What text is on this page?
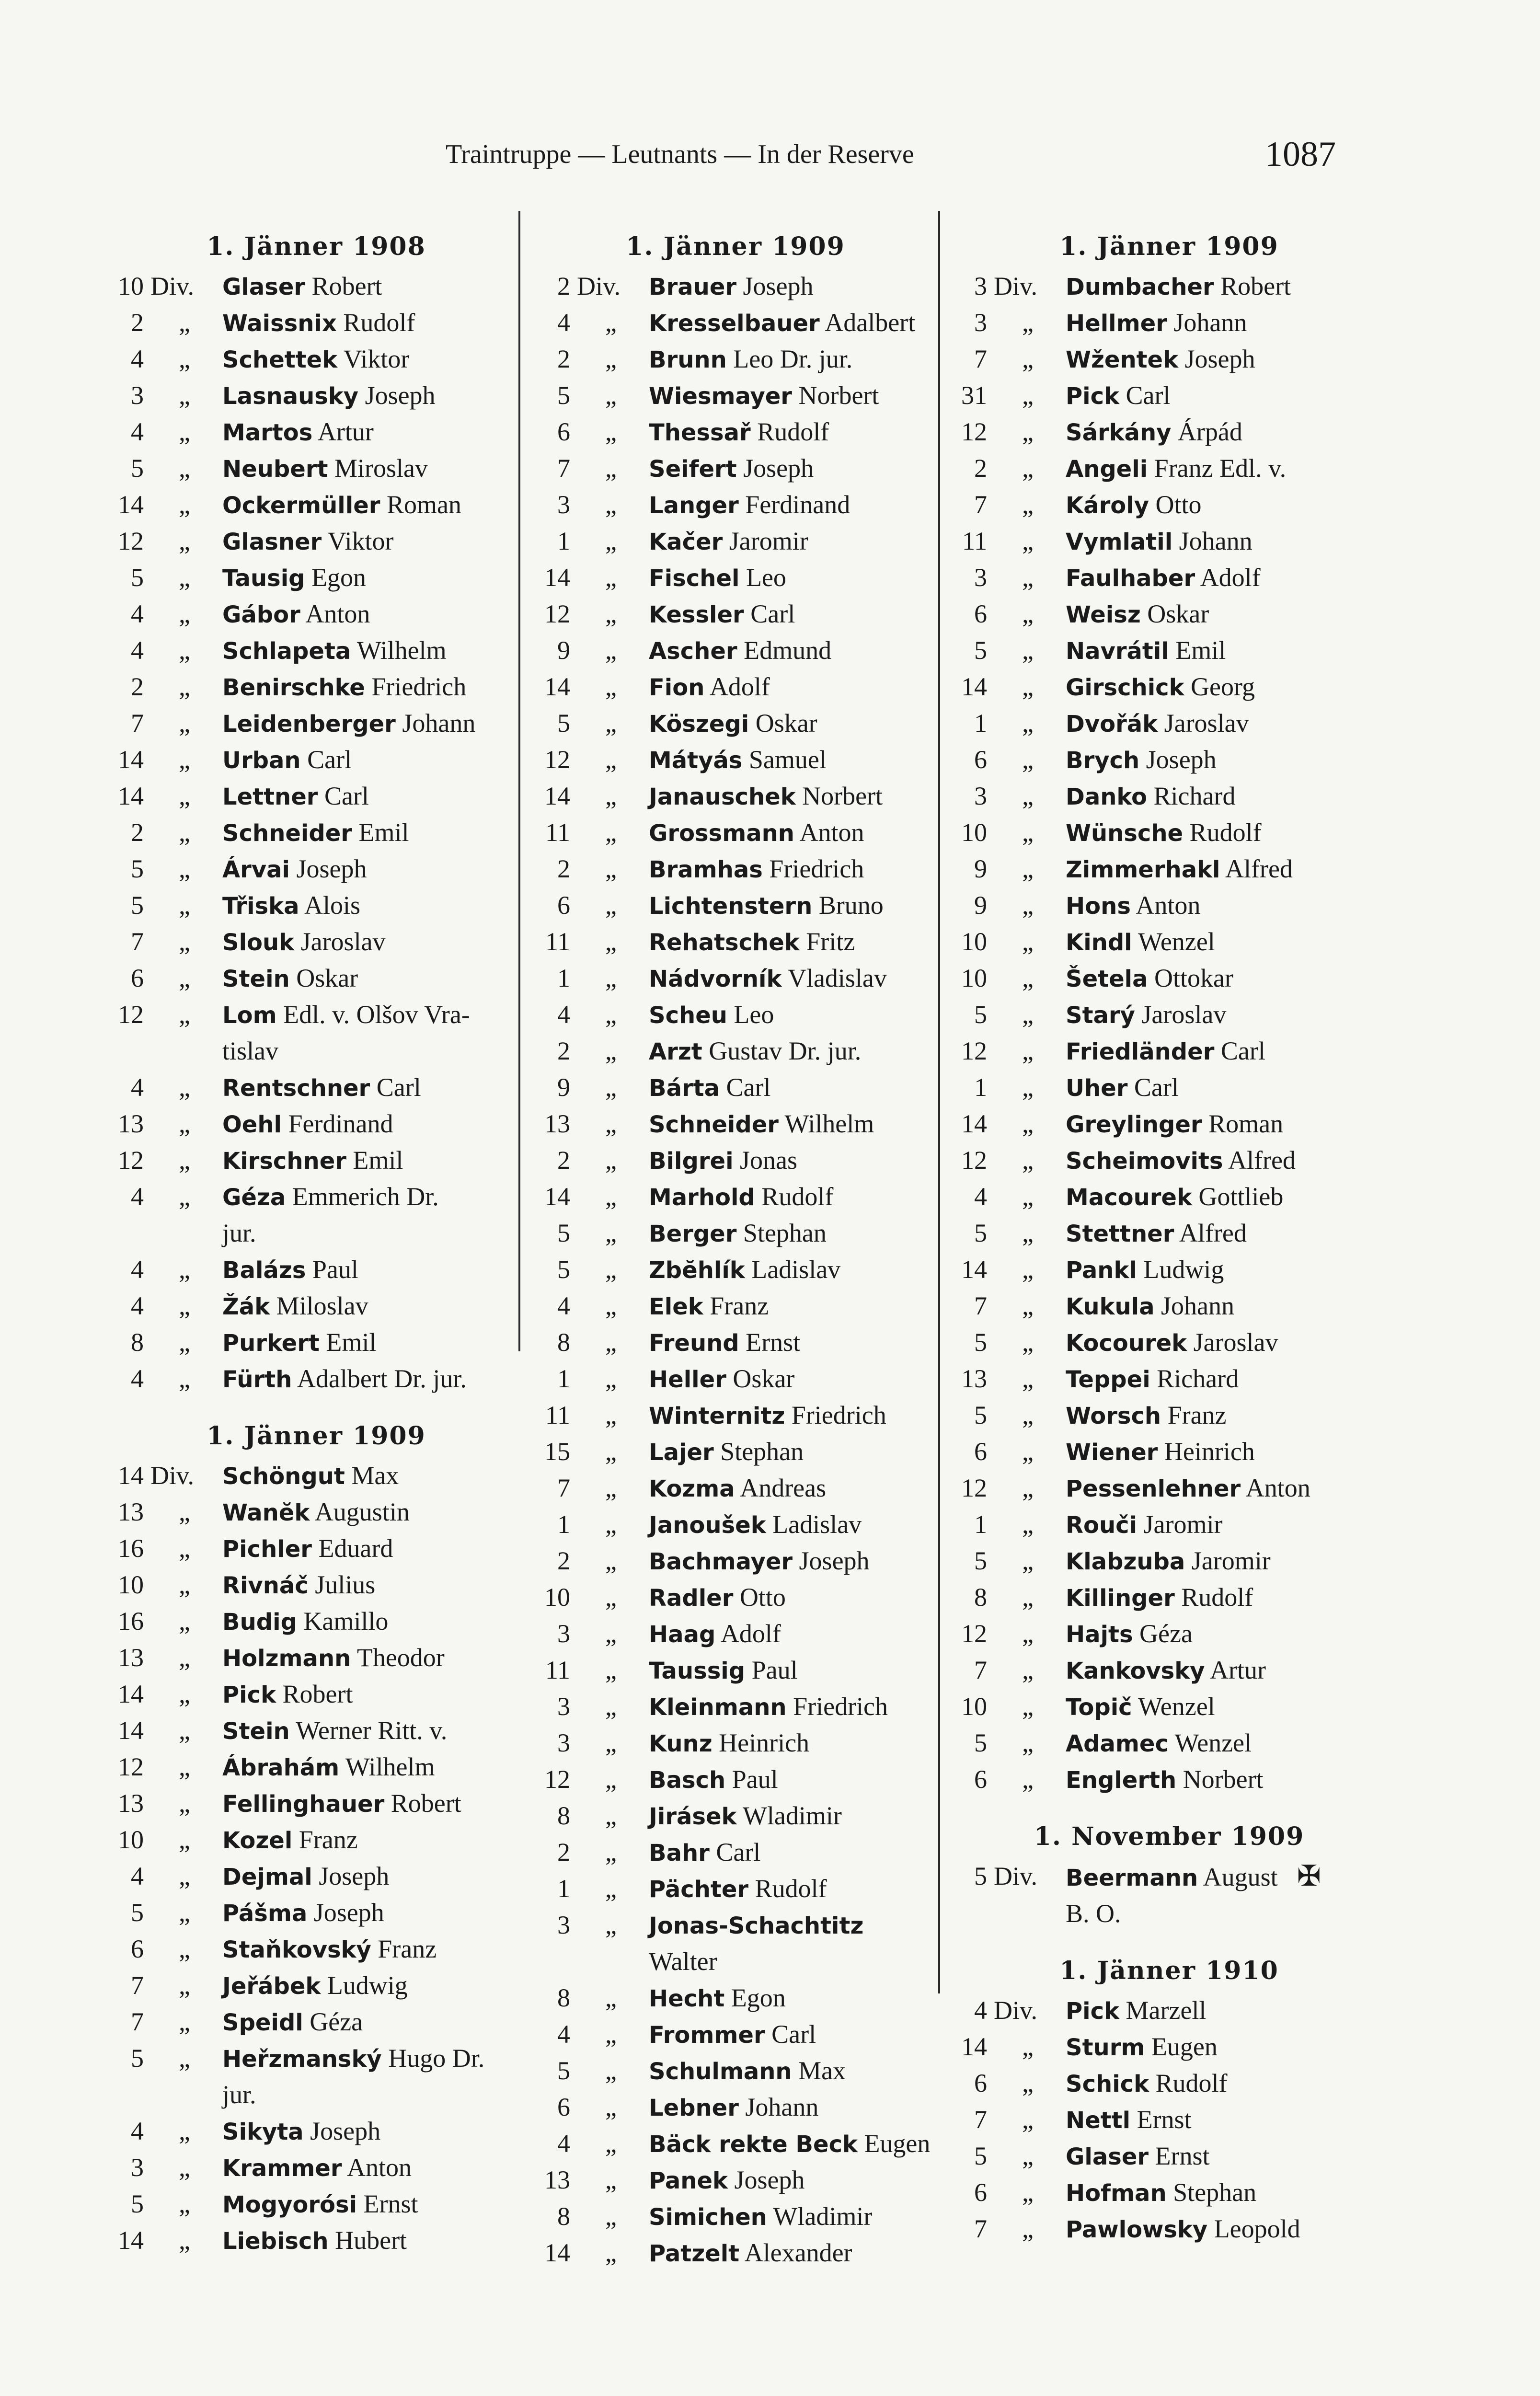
Traintruppe — Leutnants — In der Reserve	1087
1. Jänner 1908
10 Div.	Glaser Robert
2	„	Waissnix Rudolf
4	„	Schettek Viktor
3	„	Lasnausky Joseph
4	„	Martos Artur
5	„	Neubert Miroslav
14	„	Ockermüller Roman
12	„	Glasner Viktor
5	„	Tausig Egon
4	„	Gábor Anton
4	„	Schlapeta Wilhelm
2	„	Benirschke Friedrich
7	„	Leidenberger Johann
14	„	Urban Carl
14	„	Lettner Carl
2	„	Schneider Emil
5	„	Árvai Joseph
5	„	Třiska Alois
7	„	Slouk Jaroslav
6	„	Stein Oskar
12	„	Lom Edl. v. Olšov Vra-
tislav
4	„	Rentschner Carl
13	„	Oehl Ferdinand
12	„	Kirschner Emil
4	„	Géza Emmerich Dr.
jur.
4	„	Balázs Paul
4	„	Žák Miloslav
8	„	Purkert Emil
4	„	Fürth Adalbert Dr. jur.
1. Jänner 1909
14 Div.	Schöngut Max
13	„	Wanĕk Augustin
16	„	Pichler Eduard
10	„	Rivnáč Julius
16	„	Budig Kamillo
13	„	Holzmann Theodor
14	„	Pick Robert
14	„	Stein Werner Ritt. v.
12	„	Ábrahám Wilhelm
13	„	Fellinghauer Robert
10	„	Kozel Franz
4	„	Dejmal Joseph
5	„	Pášma Joseph
6	„	Staňkovský Franz
7	„	Jeřábek Ludwig
7	„	Speidl Géza
5	„	Heřzmanský Hugo Dr.
jur.
4	„	Sikyta Joseph
3	„	Krammer Anton
5	„	Mogyorósi Ernst
14	„	Liebisch Hubert
1. Jänner 1909
2 Div.	Brauer Joseph
4	„	Kresselbauer Adalbert
2	„	Brunn Leo Dr. jur.
5	„	Wiesmayer Norbert
6	„	Thessař Rudolf
7	„	Seifert Joseph
3	„	Langer Ferdinand
1	„	Kačer Jaromir
14	„	Fischel Leo
12	„	Kessler Carl
9	„	Ascher Edmund
14	„	Fion Adolf
5	„	Köszegi Oskar
12	„	Mátyás Samuel
14	„	Janauschek Norbert
11	„	Grossmann Anton
2	„	Bramhas Friedrich
6	„	Lichtenstern Bruno
11	„	Rehatschek Fritz
1	„	Nádvorník Vladislav
4	„	Scheu Leo
2	„	Arzt Gustav Dr. jur.
9	„	Bárta Carl
13	„	Schneider Wilhelm
2	„	Bilgrei Jonas
14	„	Marhold Rudolf
5	„	Berger Stephan
5	„	Zbĕhlík Ladislav
4	„	Elek Franz
8	„	Freund Ernst
1	„	Heller Oskar
11	„	Winternitz Friedrich
15	„	Lajer Stephan
7	„	Kozma Andreas
1	„	Janoušek Ladislav
2	„	Bachmayer Joseph
10	„	Radler Otto
3	„	Haag Adolf
11	„	Taussig Paul
3	„	Kleinmann Friedrich
3	„	Kunz Heinrich
12	„	Basch Paul
8	„	Jirásek Wladimir
2	„	Bahr Carl
1	„	Pächter Rudolf
3	„	Jonas-Schachtitz
Walter
8	„	Hecht Egon
4	„	Frommer Carl
5	„	Schulmann Max
6	„	Lebner Johann
4	„	Bäck rekte Beck Eugen
13	„	Panek Joseph
8	„	Simichen Wladimir
14	„	Patzelt Alexander
1. Jänner 1909
3 Div.	Dumbacher Robert
3	„	Hellmer Johann
7	„	Wžentek Joseph
31	„	Pick Carl
12	„	Sárkány Árpád
2	„	Angeli Franz Edl. v.
7	„	Károly Otto
11	„	Vymlatil Johann
3	„	Faulhaber Adolf
6	„	Weisz Oskar
5	„	Navrátil Emil
14	„	Girschick Georg
1	„	Dvořák Jaroslav
6	„	Brych Joseph
3	„	Danko Richard
10	„	Wünsche Rudolf
9	„	Zimmerhakl Alfred
9	„	Hons Anton
10	„	Kindl Wenzel
10	„	Šetela Ottokar
5	„	Starý Jaroslav
12	„	Friedländer Carl
1	„	Uher Carl
14	„	Greylinger Roman
12	„	Scheimovits Alfred
4	„	Macourek Gottlieb
5	„	Stettner Alfred
14	„	Pankl Ludwig
7	„	Kukula Johann
5	„	Kocourek Jaroslav
13	„	Teppei Richard
5	„	Worsch Franz
6	„	Wiener Heinrich
12	„	Pessenlehner Anton
1	„	Rouči Jaromir
5	„	Klabzuba Jaromir
8	„	Killinger Rudolf
12	„	Hajts Géza
7	„	Kankovsky Artur
10	„	Topič Wenzel
5	„	Adamec Wenzel
6	„	Englerth Norbert
1. November 1909
5 Div.	Beermann August ✠
B. O.
1. Jänner 1910
4 Div.	Pick Marzell
14	„	Sturm Eugen
6	„	Schick Rudolf
7	„	Nettl Ernst
5	„	Glaser Ernst
6	„	Hofman Stephan
7	„	Pawlowsky Leopold
